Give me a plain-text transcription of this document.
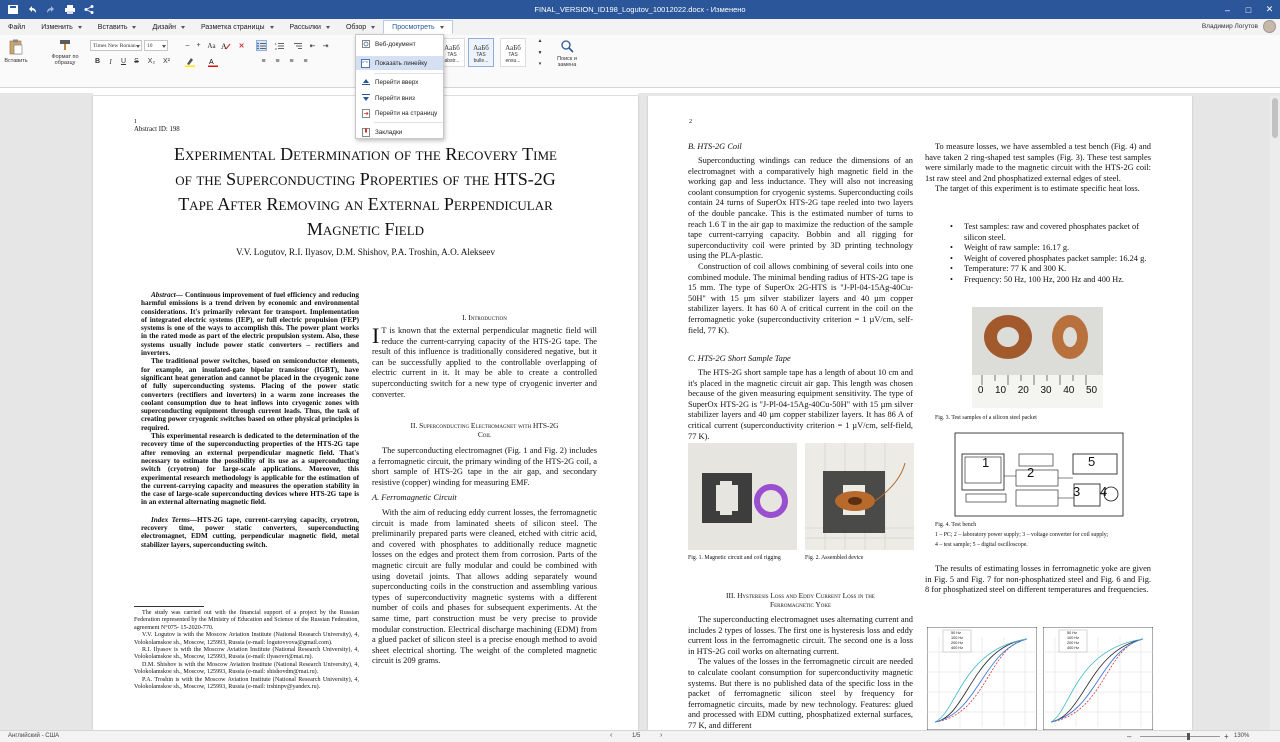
FINAL_VERSION_ID198_Logutov_10012022.docx - Изменено	–	□	✕
Файл Изменить	Вставить	Дизайн	Разметка страницы	Рассылки	Обзор	Просмотреть	Владимир Логутов
Вставить
Формат по образцу
Times New Roman 10	–	+ Aa A	✕
B	I	U	S	X₂ X²	A
1
3	⇤	⇥
≡	≡	≡	≡
АаБб
TAS abstr...
АаБб
TAS bulle...
АаБб
TAS ensu...
▲
▼
▾
Поиск и замена
1
Abstract ID: 198
Experimental Determination of the Recovery Time
of the Superconducting Properties of the HTS-2G
Tape After Removing an External Perpendicular
Magnetic Field
V.V. Logutov, R.I. Ilyasov, D.M. Shishov, P.A. Troshin, A.O. Alekseev

Abstract— Continuous improvement of fuel efficiency and reducing harmful emissions is a trend driven by economic and environmental considerations. It's primarily relevant for transport. Implementation of integrated electric systems (IEP), or full electric propulsion (FEP) systems is one of the ways to accomplish this. The power plant works in the rated mode as part of the electric propulsion system. Also, these systems usually include power static converters – rectifiers and inverters.

The traditional power switches, based on semiconductor elements, for example, an insulated-gate bipolar transistor (IGBT), have significant heat generation and cannot be placed in the cryogenic zone of fully superconducting systems. Placing of the power static converters (rectifiers and inverters) in a warm zone increases the coolant consumption due to heat inflows into cryogenic zones with superconducting equipment through current leads. Thus, the task of creating power cryogenic switches based on other physical principles is required.

This experimental research is dedicated to the determination of the recovery time of the superconducting properties of the HTS-2G tape after removing an external perpendicular magnetic field. That's necessary to estimate the possibility of its use as a superconducting switch (cryotron) for large-scale applications. Moreover, this experimental research methodology is applicable for the estimation of the current-carrying capacity and measures the operation stability in the case of large-scale superconducting devices where HTS-2G tape is in an external alternating magnetic field.

Index Terms—HTS-2G tape, current-carrying capacity, cryotron, recovery time, power static converters, superconducting electromagnet, EDM cutting, perpendicular magnetic field, metal stabilizer layers, superconducting switch.

The study was carried out with the financial support of a project by the Russian Federation represented by the Ministry of Education and Science of the Russian Federation, agreement N°075- 15-2020-770.

V.V. Logutov is with the Moscow Aviation Institute (National Research University), 4, Volokolamskoe sh., Moscow, 125993, Russia (e-mail: logutovvova@gmail.com).

R.I. Ilyasov is with the Moscow Aviation Institute (National Research University), 4, Volokolamskoe sh., Moscow, 125993, Russia (e-mail: ilyasovri@mai.ru).

D.M. Shishov is with the Moscow Aviation Institute (National Research University), 4, Volokolamskoe sh., Moscow, 125993, Russia (e-mail: shishovdm@mai.ru).

P.A. Troshin is with the Moscow Aviation Institute (National Research University), 4, Volokolamskoe sh., Moscow, 125993, Russia (e-mail: trshinpv@yandex.ru).

I. Introduction
I T is known that the external perpendicular magnetic field will reduce the current-carrying capacity of the HTS-2G tape. The result of this influence is traditionally considered negative, but it can be successfully applied to the controllable overlapping of electric current in it. It may be able to create a controlled superconducting switch for a new type of cryogenic inverter and converter.
II. Superconducting Electromagnet with HTS-2G
Coil
The superconducting electromagnet (Fig. 1 and Fig. 2) includes a ferromagnetic circuit, the primary winding of the HTS-2G coil, a short sample of HTS-2G tape in the air gap, and secondary resistive (copper) winding for measuring EMF.
A. Ferromagnetic Circuit
With the aim of reducing eddy current losses, the ferromagnetic circuit is made from laminated sheets of silicon steel. The preliminarily prepared parts were cleaned, etched with citric acid, and covered with phosphates to additionally reduce magnetic losses on the edges and protect them from corrosion. Parts of the magnetic circuit are fully modular and could be combined with using dovetail joints. That allows adding separately wound superconducting coils in the construction and assembling various types of superconductivity magnetic systems with a different number of coils and phases for subsequent experiments. At the same time, part construction must be very precise to provide modular construction. Electrical discharge machining (EDM) from a glued packet of silicon steel is a precise enough method to avoid sheet electrical shorting. The weight of the completed magnetic circuit is 209 grams.
2
B. HTS-2G Coil

Superconducting windings can reduce the dimensions of an electromagnet with a comparatively high magnetic field in the working gap and less inductance. They will also not increasing coolant consumption for cryogenic systems. Superconducting coils contain 24 turns of SuperOx HTS-2G tape reeled into two layers of the double pancake. This is the estimated number of turns to reach 1.6 T in the air gap to maximize the reduction of the sample tape current-carrying capacity. Bobbin and all rigging for superconductivity coil were printed by 3D printing technology using the PLA-plastic.

Construction of coil allows combining of several coils into one combined module. The minimal bending radius of HTS-2G tape is 15 mm. The type of SuperOx 2G-HTS is "J-Pl-04-15Ag-40Cu-50H" with 15 µm silver stabilizer layers and 40 µm copper stabilizer layers. It has 60 A of critical current in the coil on the ferromagnetic yoke (superconductivity criterion = 1 µV/cm, self-field, 77 K).

C. HTS-2G Short Sample Tape
The HTS-2G short sample tape has a length of about 10 cm and it's placed in the magnetic circuit air gap. This length was chosen because of the given measuring equipment sensitivity. The type of SuperOx HTS-2G is "J-Pl-04-15Ag-40Cu-50H" with 15 µm silver stabilizer layers and 40 µm copper stabilizer layers. It has 86 A of critical current (superconductivity criterion = 1 µV/cm, self-field, 77 K).
Fig. 1. Magnetic circuit and coil rigging	Fig. 2. Assembled device
III. Hysteresis Loss and Eddy Current Loss in the
Ferromagnetic Yoke

The superconducting electromagnet uses alternating current and includes 2 types of losses. The first one is hysteresis loss and eddy current loss in the ferromagnetic circuit. The second one is a loss in HTS-2G coil works on alternating current.

The values of the losses in the ferromagnetic circuit are needed to calculate coolant consumption for superconductivity magnetic systems. But there is no published data of the specific loss in the packet of ferromagnetic silicon steel by frequency for ferromagnetic circuits, made by new technology. Features: glued and processed with EDM cutting, phosphatized external surfaces, 77 K, and different

To measure losses, we have assembled a test bench (Fig. 4) and have taken 2 ring-shaped test samples (Fig. 3). These test samples were similarly made to the magnetic circuit with the HTS-2G coil: 1st raw steel and 2nd phosphatized external edges of steel.

The target of this experiment is to estimate specific heat loss.

• Test samples: raw and covered phosphates packet of silicon steel.
• Weight of raw sample: 16.17 g.
• Weight of covered phosphates packet sample: 16.24 g.
• Temperature: 77 K and 300 K.
• Frequency: 50 Hz, 100 Hz, 200 Hz and 400 Hz.
0 10 20 30 40 50
Fig. 3. Test samples of a silicon steel packet
1
2
3 4
5
Fig. 4. Test bench
1 – PC; 2 – laboratory power supply; 3 – voltage converter for coil supply;
4 – test sample; 5 – digital oscilloscope.
The results of estimating losses in ferromagnetic yoke are given in Fig. 5 and Fig. 7 for non-phosphatized steel and Fig. 6 and Fig. 8 for phosphatized steel on different temperatures and frequencies.
50 Hz
100 Hz
200 Hz
400 Hz
50 Hz
100 Hz
200 Hz
400 Hz
Веб-документ
Показать линейку
Перейти вверх
Перейти вниз
Перейти на страницу
Закладки
Английский - США	‹	1/5	›	–	+ 130%
